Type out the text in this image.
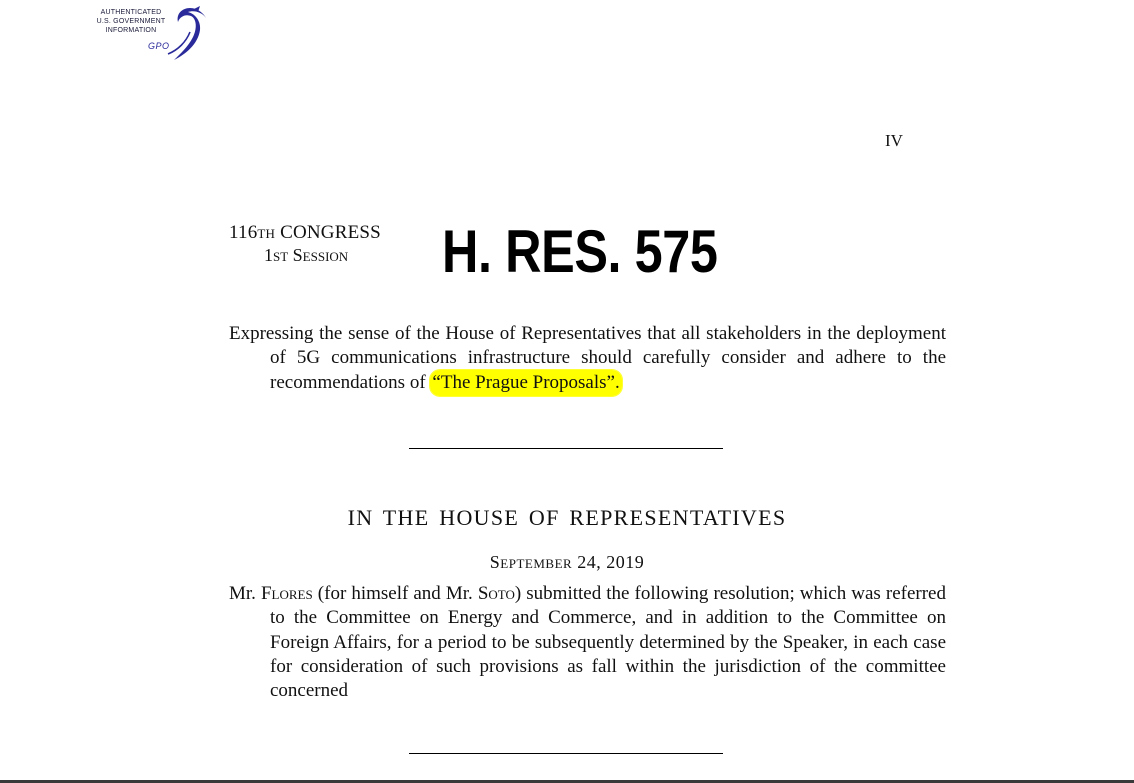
AUTHENTICATED
U.S. GOVERNMENT
INFORMATION
GPO
IV
116th CONGRESS
1st Session	H. RES. 575
Expressing the sense of the House of Representatives that all stakeholders in the deployment of 5G communications infrastructure should carefully consider and adhere to the recommendations of “The Prague Proposals”.
IN THE HOUSE OF REPRESENTATIVES
September 24, 2019
Mr. Flores (for himself and Mr. Soto) submitted the following resolution; which was referred to the Committee on Energy and Commerce, and in addition to the Committee on Foreign Affairs, for a period to be subsequently determined by the Speaker, in each case for consideration of such provisions as fall within the jurisdiction of the committee concerned
